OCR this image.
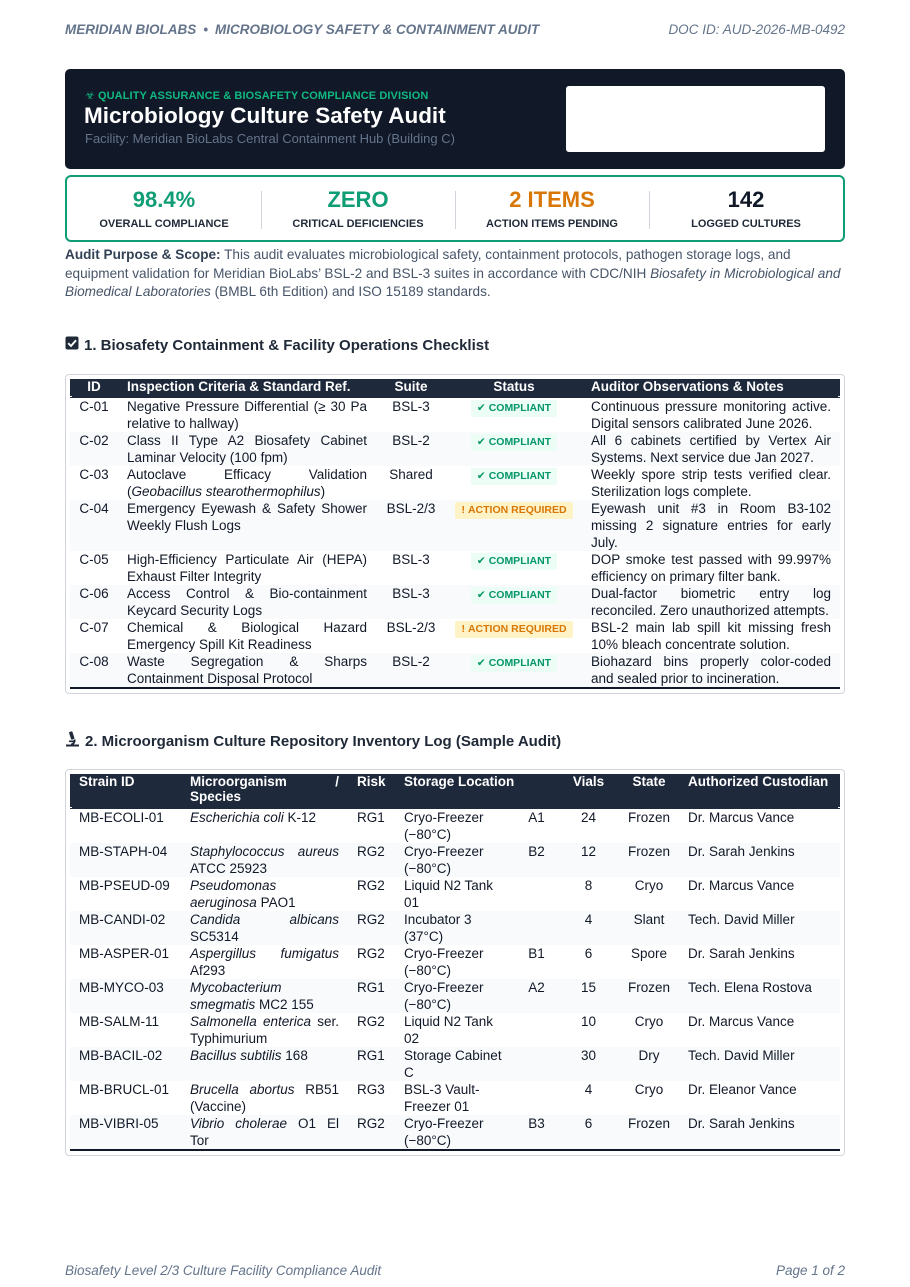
MERIDIAN BIOLABS • MICROBIOLOGY SAFETY & CONTAINMENT AUDIT	DOC ID: AUD-2026-MB-0492
☣ QUALITY ASSURANCE & BIOSAFETY COMPLIANCE DIVISION
Microbiology Culture Safety Audit
Facility: Meridian BioLabs Central Containment Hub (Building C)
98.4%
OVERALL COMPLIANCE
ZERO
CRITICAL DEFICIENCIES
2 ITEMS
ACTION ITEMS PENDING
142
LOGGED CULTURES
Audit Purpose & Scope: This audit evaluates microbiological safety, containment protocols, pathogen storage logs, and equipment validation for Meridian BioLabs’ BSL-2 and BSL-3 suites in accordance with CDC/NIH Biosafety in Microbiological and Biomedical Laboratories (BMBL 6th Edition) and ISO 15189 standards.
1. Biosafety Containment & Facility Operations Checklist
ID	Inspection Criteria & Standard Ref.	Suite	Status	Auditor Observations & Notes
C-01	Negative Pressure Differential (≥ 30 Pa relative to hallway)	BSL-3	✔ COMPLIANT	Continuous pressure monitoring active. Digital sensors calibrated June 2026.
C-02	Class II Type A2 Biosafety Cabinet Laminar Velocity (100 fpm)	BSL-2	✔ COMPLIANT	All 6 cabinets certified by Vertex Air Systems. Next service due Jan 2027.
C-03	Autoclave Efficacy Validation (Geobacillus stearothermophilus)	Shared	✔ COMPLIANT	Weekly spore strip tests verified clear. Sterilization logs complete.
C-04	Emergency Eyewash & Safety Shower Weekly Flush Logs	BSL-2/3	! ACTION REQUIRED	Eyewash unit #3 in Room B3-102 missing 2 signature entries for early July.
C-05	High-Efficiency Particulate Air (HEPA) Exhaust Filter Integrity	BSL-3	✔ COMPLIANT	DOP smoke test passed with 99.997% efficiency on primary filter bank.
C-06	Access Control & Bio-containment Keycard Security Logs	BSL-3	✔ COMPLIANT	Dual-factor biometric entry log reconciled. Zero unauthorized attempts.
C-07	Chemical & Biological Hazard Emergency Spill Kit Readiness	BSL-2/3	! ACTION REQUIRED	BSL-2 main lab spill kit missing fresh 10% bleach concentrate solution.
C-08	Waste Segregation & Sharps Containment Disposal Protocol	BSL-2	✔ COMPLIANT	Biohazard bins properly color-coded and sealed prior to incineration.
2. Microorganism Culture Repository Inventory Log (Sample Audit)
Strain ID	Microorganism / Species	Risk	Storage Location		Vials	State	Authorized Custodian
MB-ECOLI-01	Escherichia coli K-12	RG1	Cryo-Freezer (−80°C)	A1	24	Frozen	Dr. Marcus Vance
MB-STAPH-04	Staphylococcus aureus ATCC 25923	RG2	Cryo-Freezer (−80°C)	B2	12	Frozen	Dr. Sarah Jenkins
MB-PSEUD-09	Pseudomonas aeruginosa PAO1	RG2	Liquid N2 Tank 01		8	Cryo	Dr. Marcus Vance
MB-CANDI-02	Candida albicans SC5314	RG2	Incubator 3 (37°C)		4	Slant	Tech. David Miller
MB-ASPER-01	Aspergillus fumigatus Af293	RG2	Cryo-Freezer (−80°C)	B1	6	Spore	Dr. Sarah Jenkins
MB-MYCO-03	Mycobacterium smegmatis MC2 155	RG1	Cryo-Freezer (−80°C)	A2	15	Frozen	Tech. Elena Rostova
MB-SALM-11	Salmonella enterica ser. Typhimurium	RG2	Liquid N2 Tank 02		10	Cryo	Dr. Marcus Vance
MB-BACIL-02	Bacillus subtilis 168	RG1	Storage Cabinet C		30	Dry	Tech. David Miller
MB-BRUCL-01	Brucella abortus RB51 (Vaccine)	RG3	BSL-3 Vault-Freezer 01		4	Cryo	Dr. Eleanor Vance
MB-VIBRI-05	Vibrio cholerae O1 El Tor	RG2	Cryo-Freezer (−80°C)	B3	6	Frozen	Dr. Sarah Jenkins
Biosafety Level 2/3 Culture Facility Compliance Audit	Page 1 of 2
